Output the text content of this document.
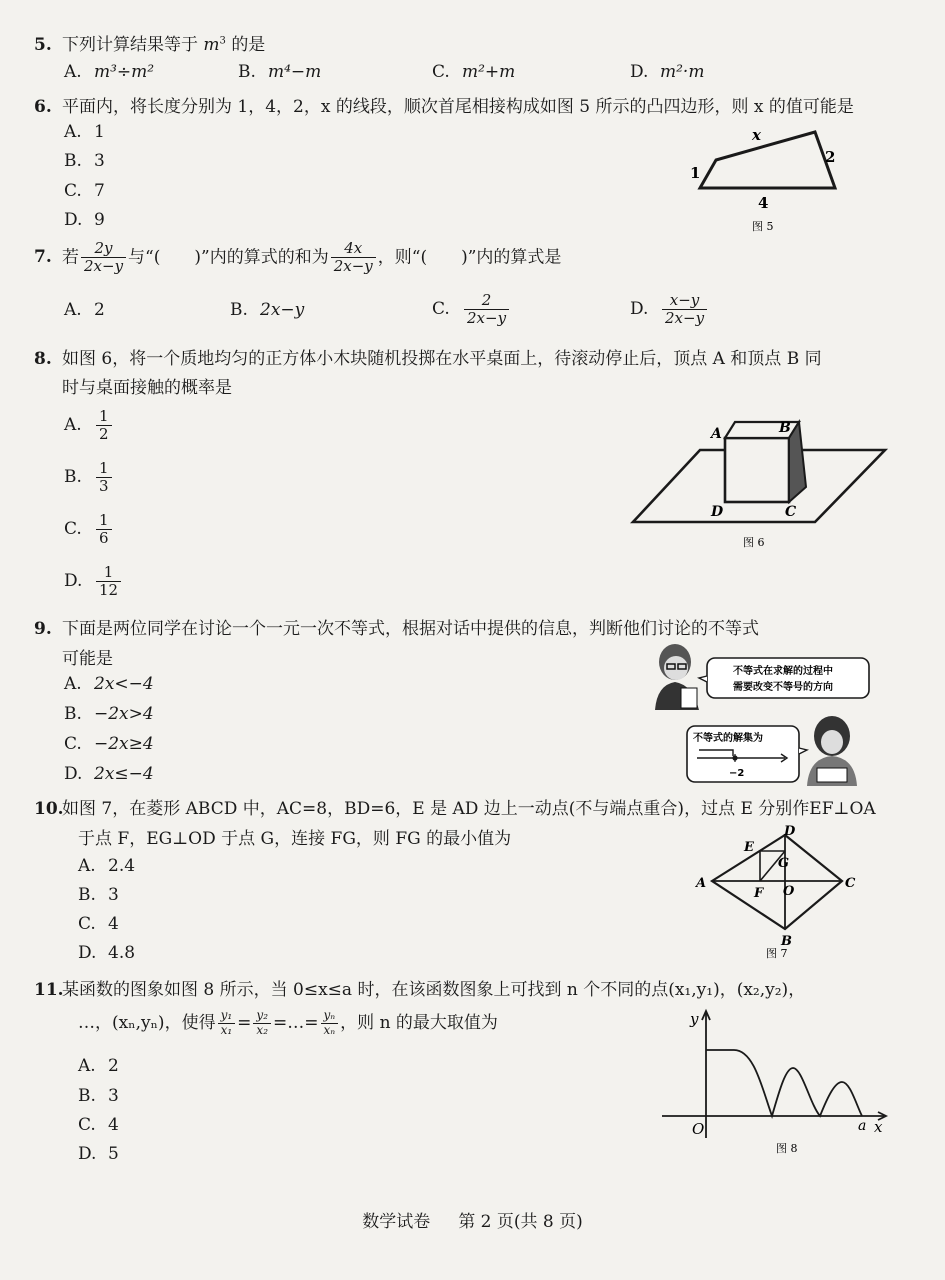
5. 下列计算结果等于 $m^3$ 的是
A. m³÷m²	B. m⁴−m	C. m²+m	D. m²·m
6. 平面内，将长度分别为 1，4，2，x 的线段，顺次首尾相接构成如图 5 所示的凸四边形，则 x 的值可能是
A. 1
B. 3
C. 7
D. 9
x
2
1
4
图 5
7. 若 $\frac{2y}{2x-y}$ 与“(　　)”内的算式的和为 $\frac{4x}{2x-y}$ ，则“(　　)”内的算式是
A. 2	B. 2x−y	C. $\frac{2}{2x-y}$	D. $\frac{x-y}{2x-y}$
8. 如图 6，将一个质地均匀的正方体小木块随机投掷在水平桌面上，待滚动停止后，顶点 A 和顶点 B 同
时与桌面接触的概率是
A. $\frac{1}{2}$
B. $\frac{1}{3}$
C. $\frac{1}{6}$
D. $\frac{1}{12}$
A	B
C
D
图 6
9. 下面是两位同学在讨论一个一元一次不等式，根据对话中提供的信息，判断他们讨论的不等式
可能是
A. 2x<−4
B. −2x>4
C. −2x≥4
D. 2x≤−4
不等式在求解的过程中
需要改变不等号的方向
不等式的解集为
−2
10.如图 7，在菱形 ABCD 中，AC=8，BD=6，E 是 AD 边上一动点(不与端点重合)，过点 E 分别作EF⊥OA
于点 F，EG⊥OD 于点 G，连接 FG，则 FG 的最小值为
A. 2.4
B. 3
C. 4
D. 4.8
A
B
C
D
E
F
G
O
图 7
11.某函数的图象如图 8 所示，当 0≤x≤a 时，在该函数图象上可找到 n 个不同的点(x₁,y₁)，(x₂,y₂)，
…，(xₙ,yₙ)，使得 $\frac{\text{y₁}}{\text{x₁}} = \frac{\text{y₂}}{\text{x₂}}$ =…= $\frac{\text{yₙ}}{\text{xₙ}}$ ，则 n 的最大取值为
A. 2
B. 3
C. 4
D. 5
y
x
O	a
图 8
数学试卷 第 2 页(共 8 页)
